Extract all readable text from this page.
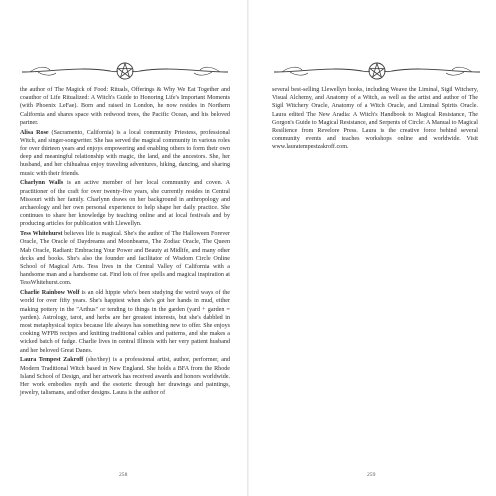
the author of The Magick of Food: Rituals, Offerings & Why We Eat Together and coauthor of Life Ritualized: A Witch's Guide to Honoring Life's Important Moments (with Phoenix LeFae). Born and raised in London, he now resides in Northern California and shares space with redwood trees, the Pacific Ocean, and his beloved partner.

Alisa Rose (Sacramento, California) is a local community Priestess, professional Witch, and singer-songwriter. She has served the magical community in various roles for over thirteen years and enjoys empowering and enabling others to form their own deep and meaningful relationship with magic, the land, and the ancestors. She, her husband, and her chihuahua enjoy traveling adventures, hiking, dancing, and sharing music with their friends.

Charlynn Walls is an active member of her local community and coven. A practitioner of the craft for over twenty-five years, she currently resides in Central Missouri with her family. Charlynn draws on her background in anthropology and archaeology and her own personal experience to help shape her daily practice. She continues to share her knowledge by teaching online and at local festivals and by producing articles for publication with Llewellyn.

Tess Whitehurst believes life is magical. She's the author of The Halloween Forever Oracle, The Oracle of Daydreams and Moonbeams, The Zodiac Oracle, The Queen Mab Oracle, Radiant: Embracing Your Power and Beauty at Midlife, and many other decks and books. She's also the founder and facilitator of Wisdom Circle Online School of Magical Arts. Tess lives in the Central Valley of California with a handsome man and a handsome cat. Find lots of free spells and magical inspiration at TessWhitehurst.com.

Charlie Rainbow Wolf is an old hippie who's been studying the weird ways of the world for over fifty years. She's happiest when she's got her hands in mud, either making pottery in the "Arthus" or tending to things in the garden (yard + garden = yarden). Astrology, tarot, and herbs are her greatest interests, but she's dabbled in most metaphysical topics because life always has something new to offer. She enjoys cooking WFPB recipes and knitting traditional cables and patterns, and she makes a wicked batch of fudge. Charlie lives in central Illinois with her very patient husband and her beloved Great Danes.

Laura Tempest Zakroff (she/they) is a professional artist, author, performer, and Modern Traditional Witch based in New England. She holds a BFA from the Rhode Island School of Design, and her artwork has received awards and honors worldwide. Her work embodies myth and the esoteric through her drawings and paintings, jewelry, talismans, and other designs. Laura is the author of

258

several best-selling Llewellyn books, including Weave the Liminal, Sigil Witchery, Visual Alchemy, and Anatomy of a Witch, as well as the artist and author of The Sigil Witchery Oracle, Anatomy of a Witch Oracle, and Liminal Spirits Oracle. Laura edited The New Aradia: A Witch's Handbook to Magical Resistance, The Gorgon's Guide to Magical Resistance, and Serpents of Circle: A Manual to Magical Resilience from Revelore Press. Laura is the creative force behind several community events and teaches workshops online and worldwide. Visit www.lauratempestzakroff.com.

259
